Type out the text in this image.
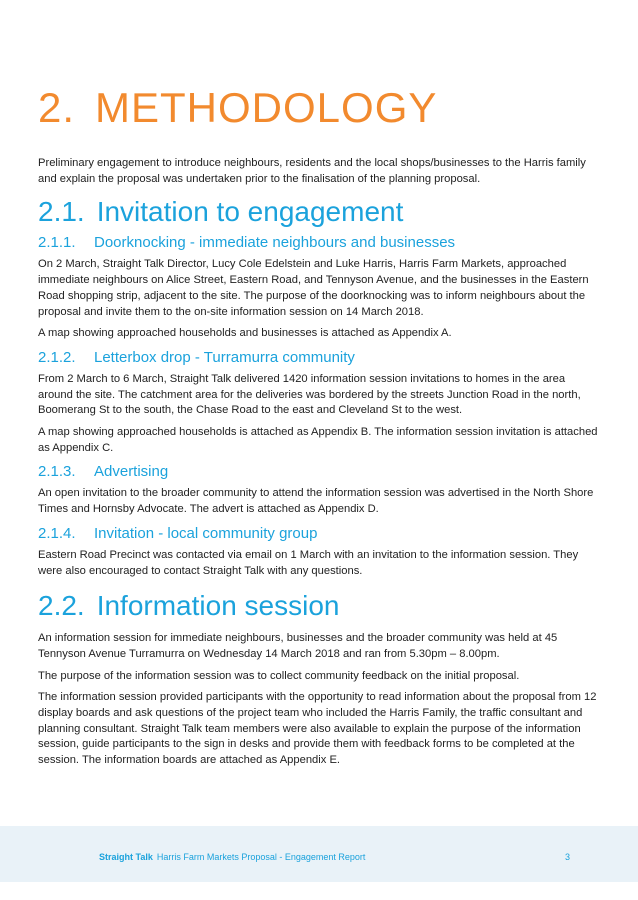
2. METHODOLOGY

Preliminary engagement to introduce neighbours, residents and the local shops/businesses to the Harris family and explain the proposal was undertaken prior to the finalisation of the planning proposal.

2.1. Invitation to engagement
2.1.1. Doorknocking - immediate neighbours and businesses

On 2 March, Straight Talk Director, Lucy Cole Edelstein and Luke Harris, Harris Farm Markets, approached immediate neighbours on Alice Street, Eastern Road, and Tennyson Avenue, and the businesses in the Eastern Road shopping strip, adjacent to the site. The purpose of the doorknocking was to inform neighbours about the proposal and invite them to the on-site information session on 14 March 2018.

A map showing approached households and businesses is attached as Appendix A.

2.1.2. Letterbox drop - Turramurra community

From 2 March to 6 March, Straight Talk delivered 1420 information session invitations to homes in the area around the site. The catchment area for the deliveries was bordered by the streets Junction Road in the north, Boomerang St to the south, the Chase Road to the east and Cleveland St to the west.

A map showing approached households is attached as Appendix B. The information session invitation is attached as Appendix C.

2.1.3. Advertising

An open invitation to the broader community to attend the information session was advertised in the North Shore Times and Hornsby Advocate. The advert is attached as Appendix D.

2.1.4. Invitation - local community group

Eastern Road Precinct was contacted via email on 1 March with an invitation to the information session. They were also encouraged to contact Straight Talk with any questions.

2.2. Information session

An information session for immediate neighbours, businesses and the broader community was held at 45 Tennyson Avenue Turramurra on Wednesday 14 March 2018 and ran from 5.30pm – 8.00pm.

The purpose of the information session was to collect community feedback on the initial proposal.

The information session provided participants with the opportunity to read information about the proposal from 12 display boards and ask questions of the project team who included the Harris Family, the traffic consultant and planning consultant. Straight Talk team members were also available to explain the purpose of the information session, guide participants to the sign in desks and provide them with feedback forms to be completed at the session. The information boards are attached as Appendix E.

Straight Talk Harris Farm Markets Proposal - Engagement Report	3
